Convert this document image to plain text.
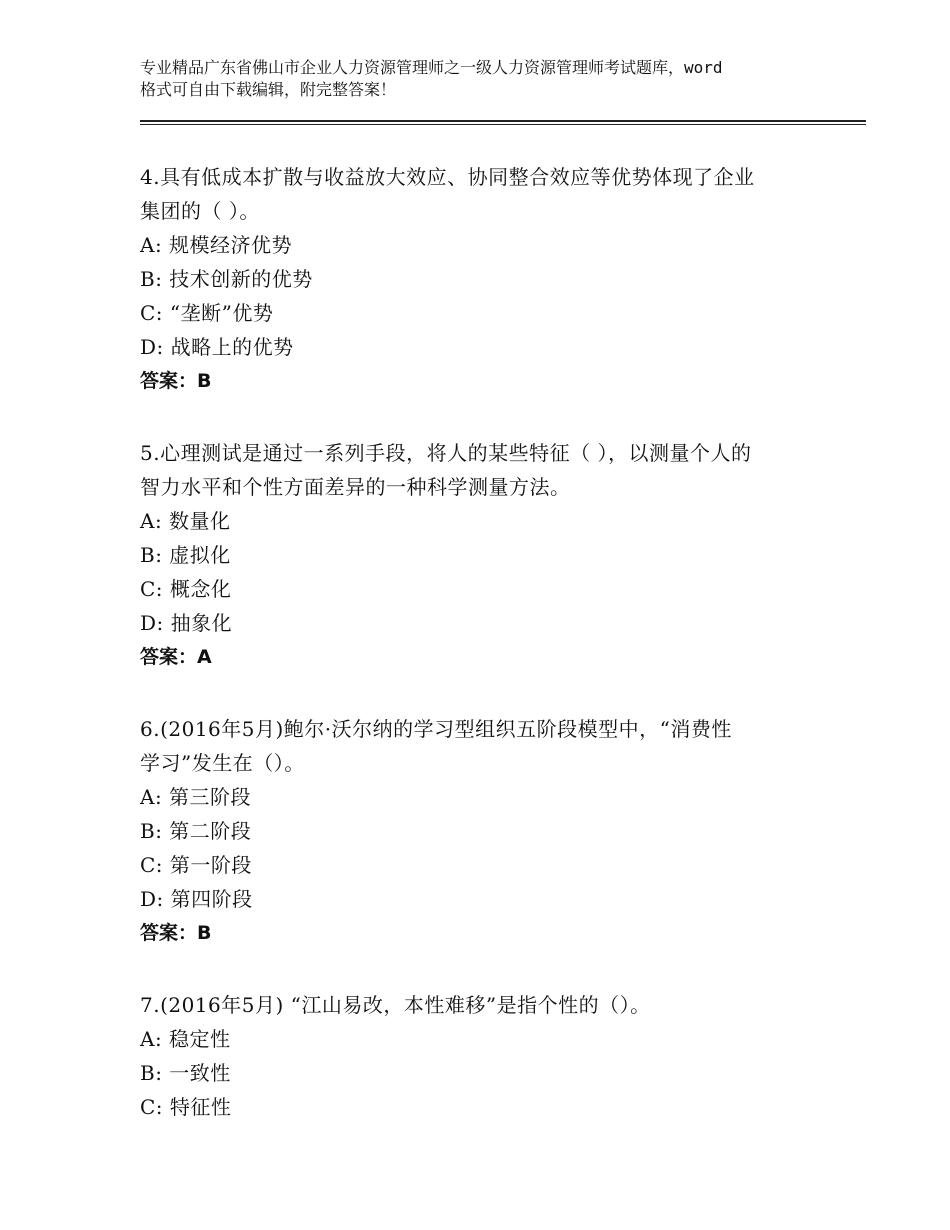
专业精品广东省佛山市企业人力资源管理师之一级人力资源管理师考试题库，word
格式可自由下载编辑，附完整答案！
4.具有低成本扩散与收益放大效应、协同整合效应等优势体现了企业
集团的（ ）。
A: 规模经济优势
B: 技术创新的优势
C: “垄断”优势
D: 战略上的优势
答案：B
5.心理测试是通过一系列手段，将人的某些特征（ ），以测量个人的
智力水平和个性方面差异的一种科学测量方法。
A: 数量化
B: 虚拟化
C: 概念化
D: 抽象化
答案：A
6.(2016年5月)鲍尔·沃尔纳的学习型组织五阶段模型中，“消费性
学习”发生在（）。
A: 第三阶段
B: 第二阶段
C: 第一阶段
D: 第四阶段
答案：B
7.(2016年5月) “江山易改，本性难移”是指个性的（）。
A: 稳定性
B: 一致性
C: 特征性
